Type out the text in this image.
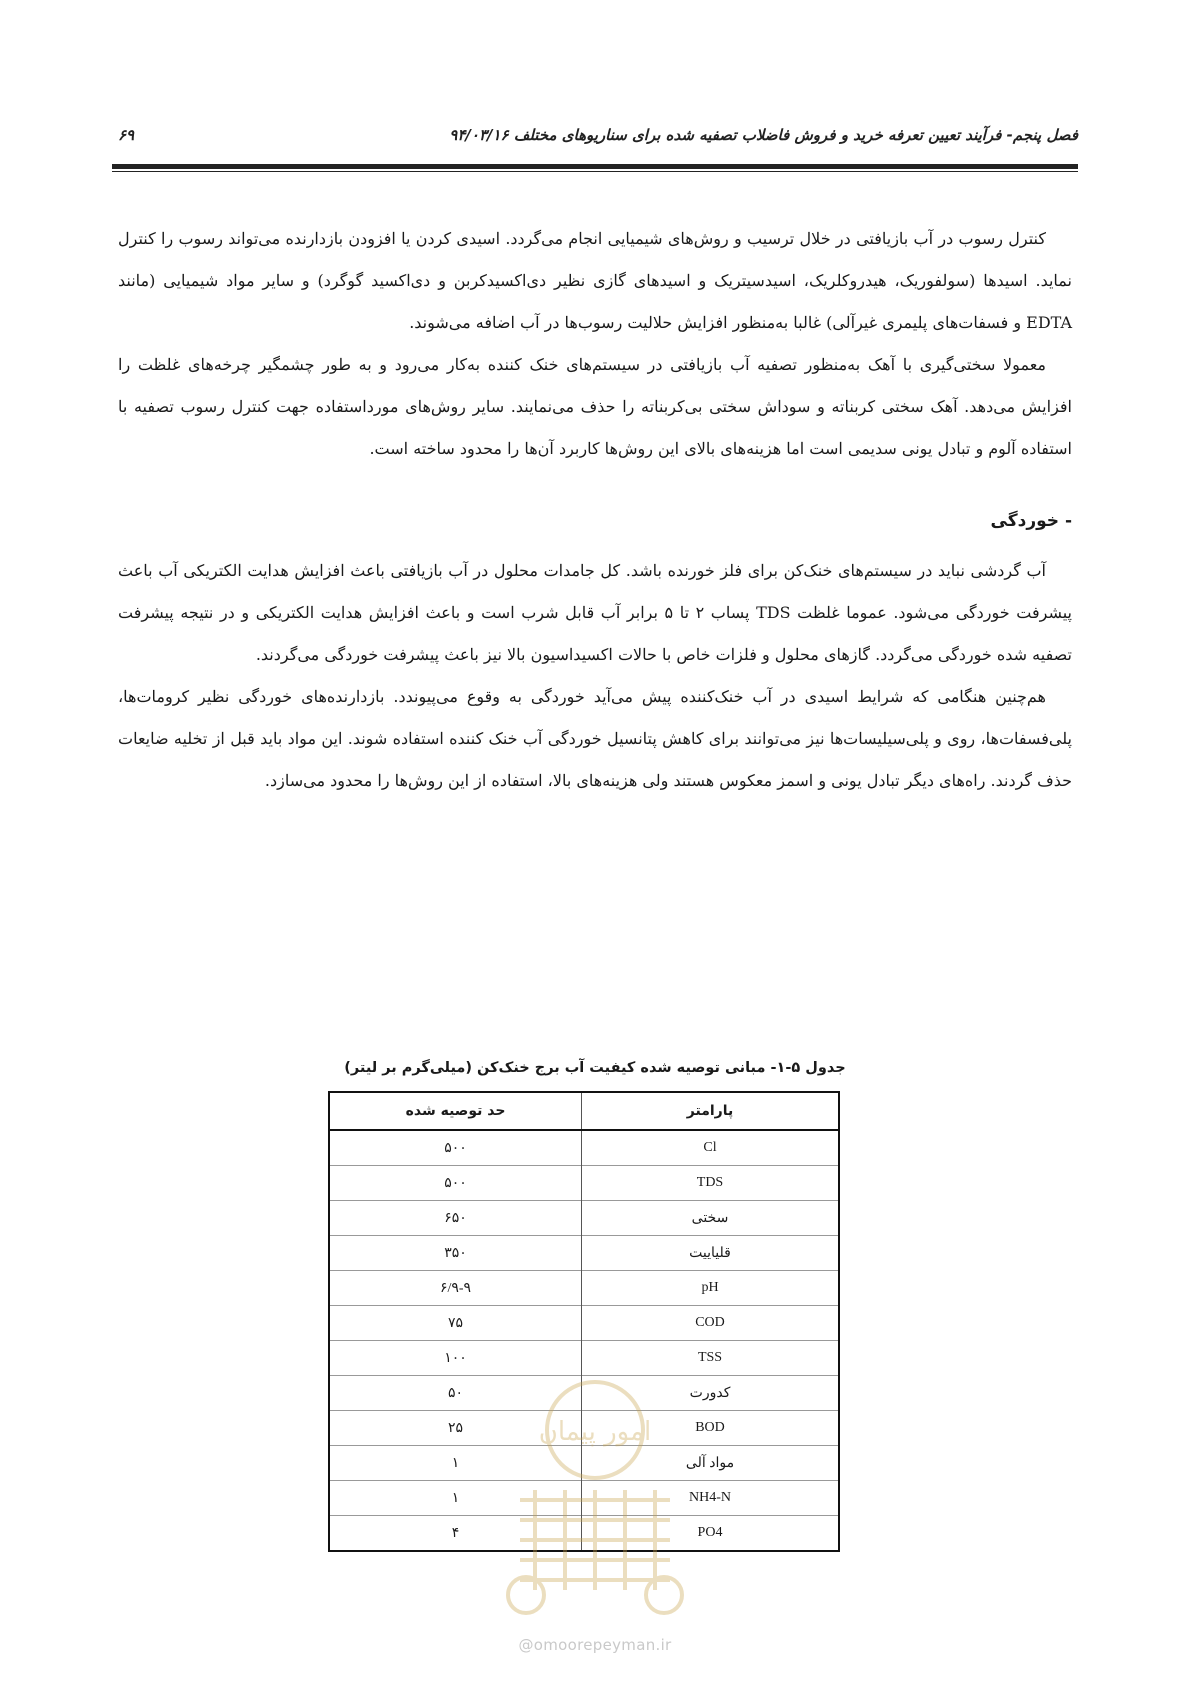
فصل پنجم- فرآیند تعیین تعرفه خرید و فروش فاضلاب تصفیه شده برای سناریوهای مختلف ۹۴/۰۳/۱۶
۶۹

کنترل رسوب در آب بازیافتی در خلال ترسیب و روش‌های شیمیایی انجام می‌گردد. اسیدی کردن یا افزودن بازدارنده می‌تواند رسوب را کنترل نماید. اسیدها (سولفوریک، هیدروکلریک، اسیدسیتریک و اسیدهای گازی نظیر دی‌اکسیدکربن و دی‌اکسید گوگرد) و سایر مواد شیمیایی (مانند EDTA و فسفات‌های پلیمری غیرآلی) غالبا به‌منظور افزایش حلالیت رسوب‌ها در آب اضافه می‌شوند.

معمولا سختی‌گیری با آهک به‌منظور تصفیه آب بازیافتی در سیستم‌های خنک کننده به‌کار می‌رود و به طور چشمگیر چرخه‌های غلظت را افزایش می‌دهد. آهک سختی کربناته و سوداش سختی بی‌کربناته را حذف می‌نمایند. سایر روش‌های مورداستفاده جهت کنترل رسوب تصفیه با استفاده آلوم و تبادل یونی سدیمی است اما هزینه‌های بالای این روش‌ها کاربرد آن‌ها را محدود ساخته است.

- خوردگی

آب گردشی نباید در سیستم‌های خنک‌کن برای فلز خورنده باشد. کل جامدات محلول در آب بازیافتی باعث افزایش هدایت الکتریکی آب باعث پیشرفت خوردگی می‌شود. عموما غلظت TDS پساب ۲ تا ۵ برابر آب قابل شرب است و باعث افزایش هدایت الکتریکی و در نتیجه پیشرفت تصفیه شده خوردگی می‌گردد. گازهای محلول و فلزات خاص با حالات اکسیداسیون بالا نیز باعث پیشرفت خوردگی می‌گردند.

هم‌چنین هنگامی که شرایط اسیدی در آب خنک‌کننده پیش می‌آید خوردگی به وقوع می‌پیوندد. بازدارنده‌های خوردگی نظیر کرومات‌ها، پلی‌فسفات‌ها، روی و پلی‌سیلیسات‌ها نیز می‌توانند برای کاهش پتانسیل خوردگی آب خنک کننده استفاده شوند. این مواد باید قبل از تخلیه ضایعات حذف گردند. راه‌های دیگر تبادل یونی و اسمز معکوس هستند ولی هزینه‌های بالا، استفاده از این روش‌ها را محدود می‌سازد.

جدول ۵-۱- مبانی توصیه شده کیفیت آب برج خنک‌کن (میلی‌گرم بر لیتر)
پارامتر	حد توصیه شده
Cl	۵۰۰
TDS	۵۰۰
سختی	۶۵۰
قلیاییت	۳۵۰
pH	۶/۹-۹
COD	۷۵
TSS	۱۰۰
کدورت	۵۰
BOD	۲۵
مواد آلی	۱
NH4-N	۱
PO4	۴
امور پیمان
@omoorepeyman.ir
